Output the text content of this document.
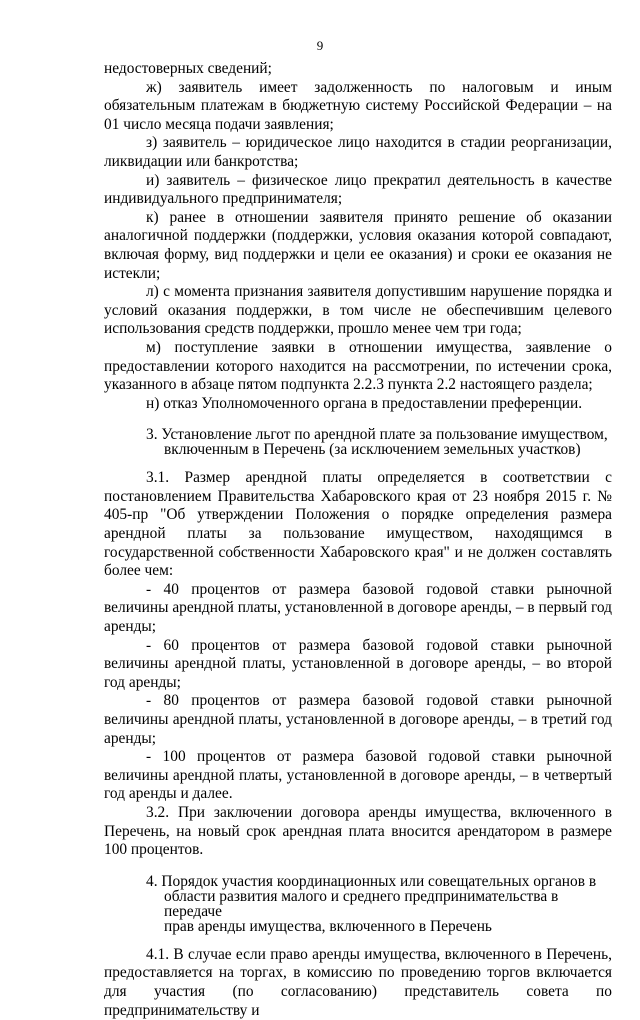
9

недостоверных сведений;

ж) заявитель имеет задолженность по налоговым и иным обязательным платежам в бюджетную систему Российской Федерации – на 01 число месяца подачи заявления;

з) заявитель – юридическое лицо находится в стадии реорганизации, ликвидации или банкротства;

и) заявитель – физическое лицо прекратил деятельность в качестве индивидуального предпринимателя;

к) ранее в отношении заявителя принято решение об оказании аналогичной поддержки (поддержки, условия оказания которой совпадают, включая форму, вид поддержки и цели ее оказания) и сроки ее оказания не истекли;

л) с момента признания заявителя допустившим нарушение порядка и условий оказания поддержки, в том числе не обеспечившим целевого использования средств поддержки, прошло менее чем три года;

м) поступление заявки в отношении имущества, заявление о предоставлении которого находится на рассмотрении, по истечении срока, указанного в абзаце пятом подпункта 2.2.3 пункта 2.2 настоящего раздела;

н) отказ Уполномоченного органа в предоставлении преференции.

3. Установление льгот по арендной плате за пользование имуществом,
включенным в Перечень (за исключением земельных участков)

3.1. Размер арендной платы определяется в соответствии с постановлением Правительства Хабаровского края от 23 ноября 2015 г. № 405-пр "Об утверждении Положения о порядке определения размера арендной платы за пользование имуществом, находящимся в государственной собственности Хабаровского края" и не должен составлять более чем:

- 40 процентов от размера базовой годовой ставки рыночной величины арендной платы, установленной в договоре аренды, – в первый год аренды;

- 60 процентов от размера базовой годовой ставки рыночной величины арендной платы, установленной в договоре аренды, – во второй год аренды;

- 80 процентов от размера базовой годовой ставки рыночной величины арендной платы, установленной в договоре аренды, – в третий год аренды;

- 100 процентов от размера базовой годовой ставки рыночной величины арендной платы, установленной в договоре аренды, – в четвертый год аренды и далее.

3.2. При заключении договора аренды имущества, включенного в Перечень, на новый срок арендная плата вносится арендатором в размере 100 процентов.

4. Порядок участия координационных или совещательных органов в
области развития малого и среднего предпринимательства в передаче
прав аренды имущества, включенного в Перечень

4.1. В случае если право аренды имущества, включенного в Перечень, предоставляется на торгах, в комиссию по проведению торгов включается для участия (по согласованию) представитель совета по предпринимательству и
